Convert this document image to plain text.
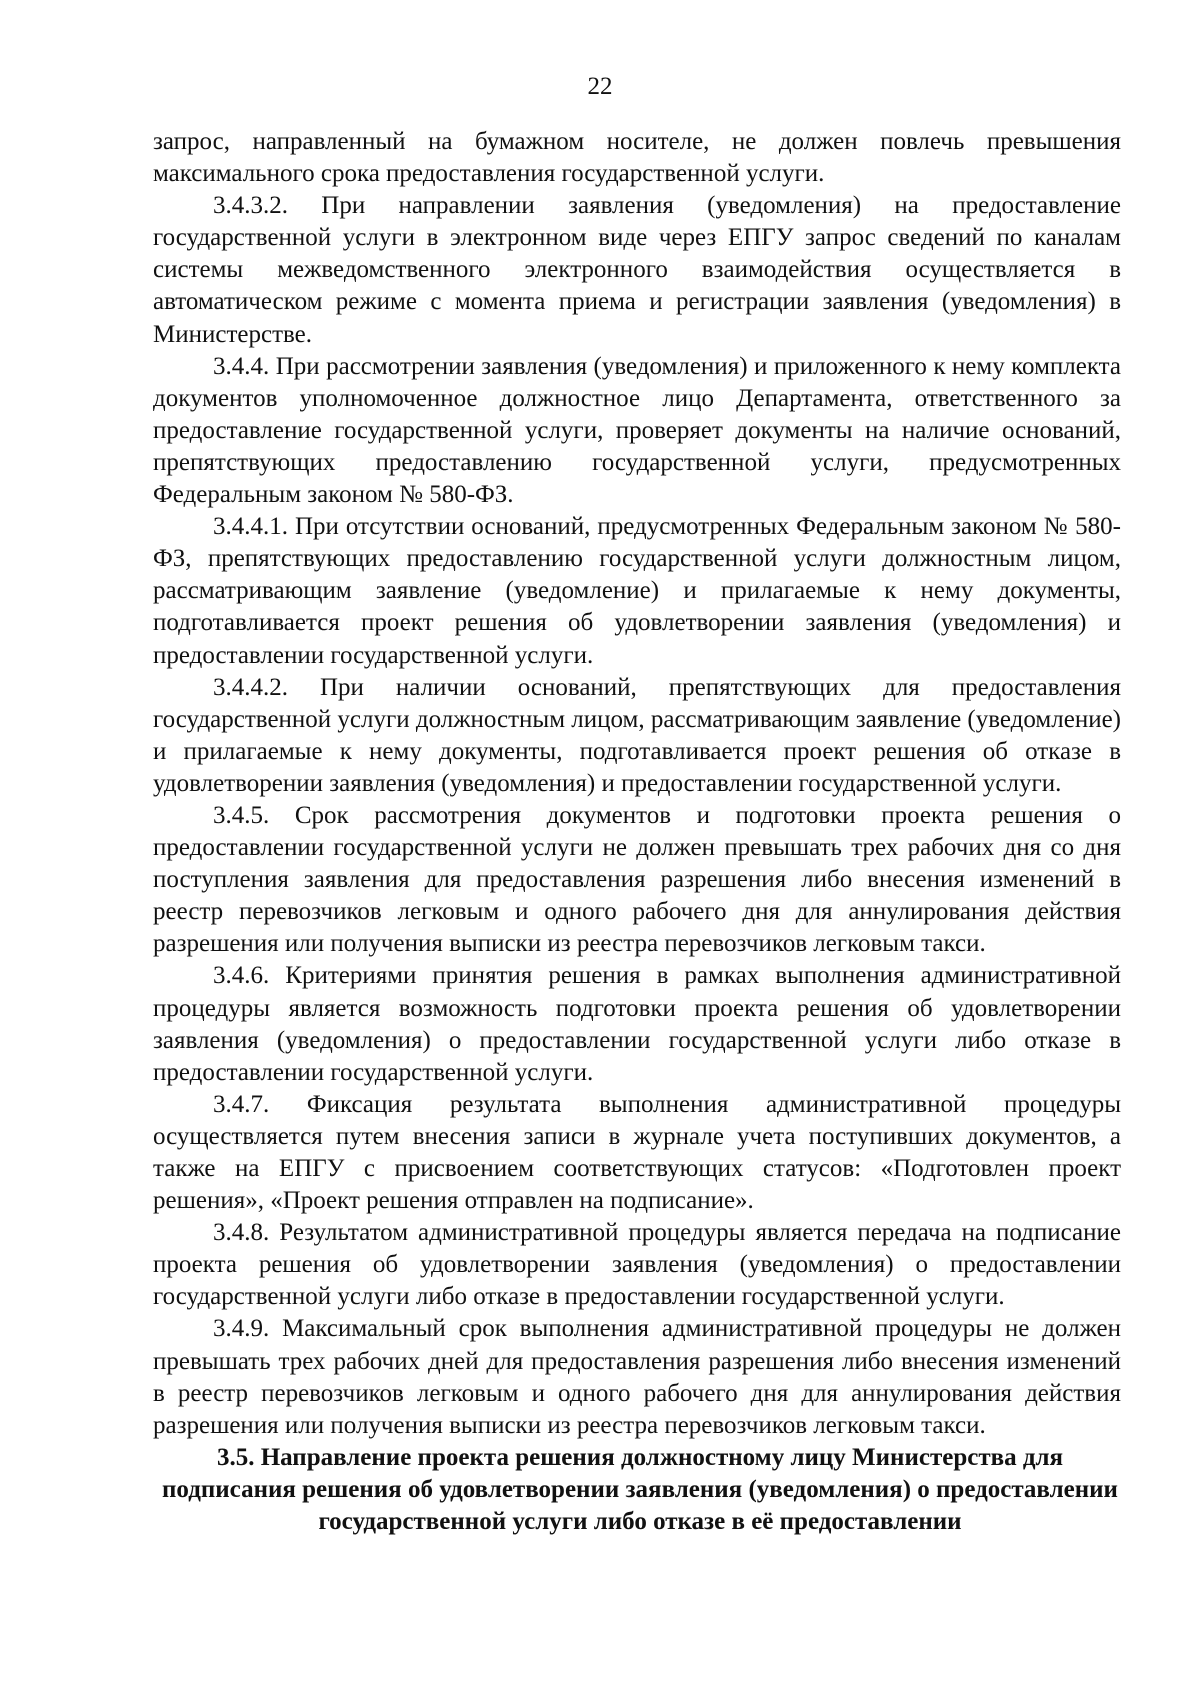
22

запрос, направленный на бумажном носителе, не должен повлечь превышения максимального срока предоставления государственной услуги.

3.4.3.2. При направлении заявления (уведомления) на предоставление государственной услуги в электронном виде через ЕПГУ запрос сведений по каналам системы межведомственного электронного взаимодействия осуществляется в автоматическом режиме с момента приема и регистрации заявления (уведомления) в Министерстве.

3.4.4. При рассмотрении заявления (уведомления) и приложенного к нему комплекта документов уполномоченное должностное лицо Департамента, ответственного за предоставление государственной услуги, проверяет документы на наличие оснований, препятствующих предоставлению государственной услуги, предусмотренных Федеральным законом № 580-ФЗ.

3.4.4.1. При отсутствии оснований, предусмотренных Федеральным законом № 580-ФЗ, препятствующих предоставлению государственной услуги должностным лицом, рассматривающим заявление (уведомление) и прилагаемые к нему документы, подготавливается проект решения об удовлетворении заявления (уведомления) и предоставлении государственной услуги.

3.4.4.2. При наличии оснований, препятствующих для предоставления государственной услуги должностным лицом, рассматривающим заявление (уведомление) и прилагаемые к нему документы, подготавливается проект решения об отказе в удовлетворении заявления (уведомления) и предоставлении государственной услуги.

3.4.5. Срок рассмотрения документов и подготовки проекта решения о предоставлении государственной услуги не должен превышать трех рабочих дня со дня поступления заявления для предоставления разрешения либо внесения изменений в реестр перевозчиков легковым и одного рабочего дня для аннулирования действия разрешения или получения выписки из реестра перевозчиков легковым такси.

3.4.6. Критериями принятия решения в рамках выполнения административной процедуры является возможность подготовки проекта решения об удовлетворении заявления (уведомления) о предоставлении государственной услуги либо отказе в предоставлении государственной услуги.

3.4.7. Фиксация результата выполнения административной процедуры осуществляется путем внесения записи в журнале учета поступивших документов, а также на ЕПГУ с присвоением соответствующих статусов: «Подготовлен проект решения», «Проект решения отправлен на подписание».

3.4.8. Результатом административной процедуры является передача на подписание проекта решения об удовлетворении заявления (уведомления) о предоставлении государственной услуги либо отказе в предоставлении государственной услуги.

3.4.9. Максимальный срок выполнения административной процедуры не должен превышать трех рабочих дней для предоставления разрешения либо внесения изменений в реестр перевозчиков легковым и одного рабочего дня для аннулирования действия разрешения или получения выписки из реестра перевозчиков легковым такси.

3.5. Направление проекта решения должностному лицу Министерства для подписания решения об удовлетворении заявления (уведомления) о предоставлении государственной услуги либо отказе в её предоставлении
